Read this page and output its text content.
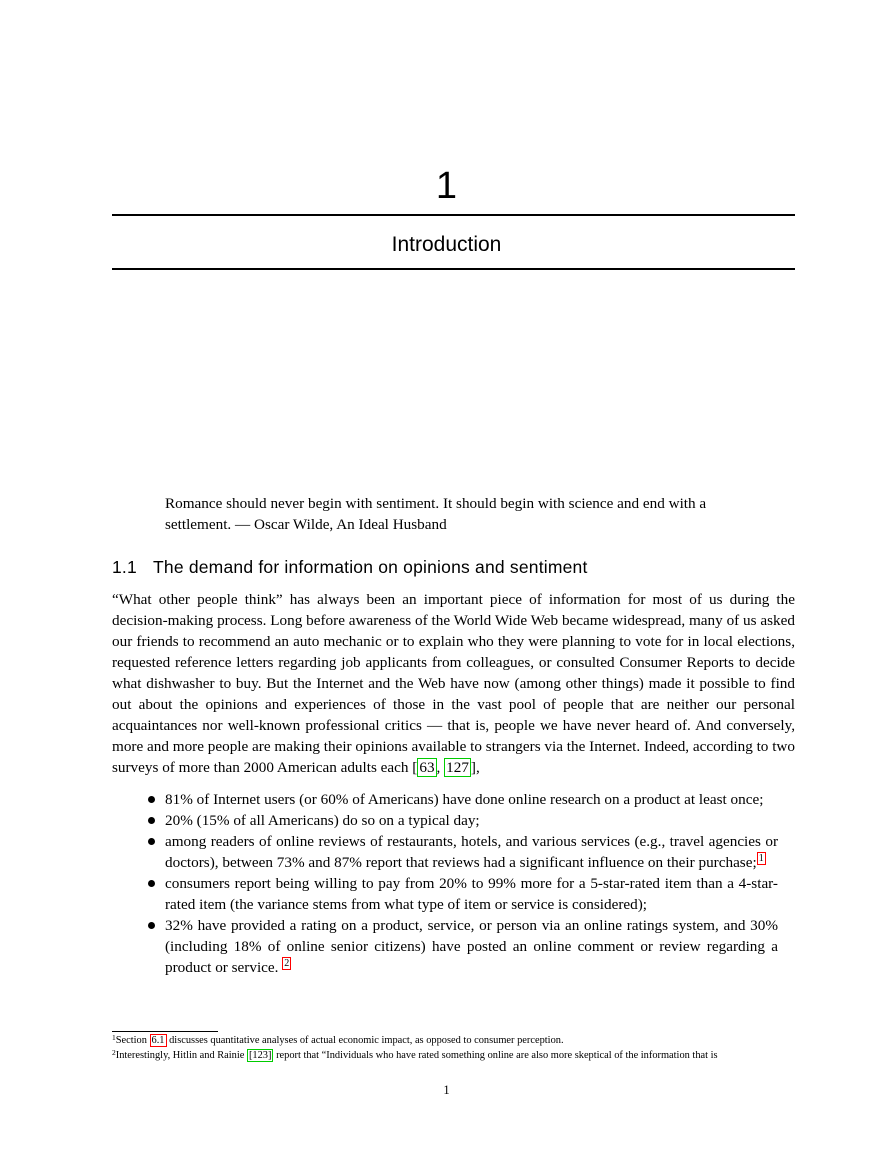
1
Introduction
Romance should never begin with sentiment. It should begin with science and end with a settlement. — Oscar Wilde, An Ideal Husband
1.1 The demand for information on opinions and sentiment
“What other people think” has always been an important piece of information for most of us during the decision-making process. Long before awareness of the World Wide Web became widespread, many of us asked our friends to recommend an auto mechanic or to explain who they were planning to vote for in local elections, requested reference letters regarding job applicants from colleagues, or consulted Consumer Reports to decide what dishwasher to buy. But the Internet and the Web have now (among other things) made it possible to find out about the opinions and experiences of those in the vast pool of people that are neither our personal acquaintances nor well-known professional critics — that is, people we have never heard of. And conversely, more and more people are making their opinions available to strangers via the Internet. Indeed, according to two surveys of more than 2000 American adults each [ 63 , 127 ],
81% of Internet users (or 60% of Americans) have done online research on a product at least once;
20% (15% of all Americans) do so on a typical day;
among readers of online reviews of restaurants, hotels, and various services (e.g., travel agencies or doctors), between 73% and 87% report that reviews had a significant influence on their purchase; $^1$
consumers report being willing to pay from 20% to 99% more for a 5-star-rated item than a 4-star-rated item (the variance stems from what type of item or service is considered);
32% have provided a rating on a product, service, or person via an online ratings system, and 30% (including 18% of online senior citizens) have posted an online comment or review regarding a product or service. $^2$
$^1$Section 6.1 discusses quantitative analyses of actual economic impact, as opposed to consumer perception.
$^2$Interestingly, Hitlin and Rainie [123] report that “Individuals who have rated something online are also more skeptical of the information that is
1
